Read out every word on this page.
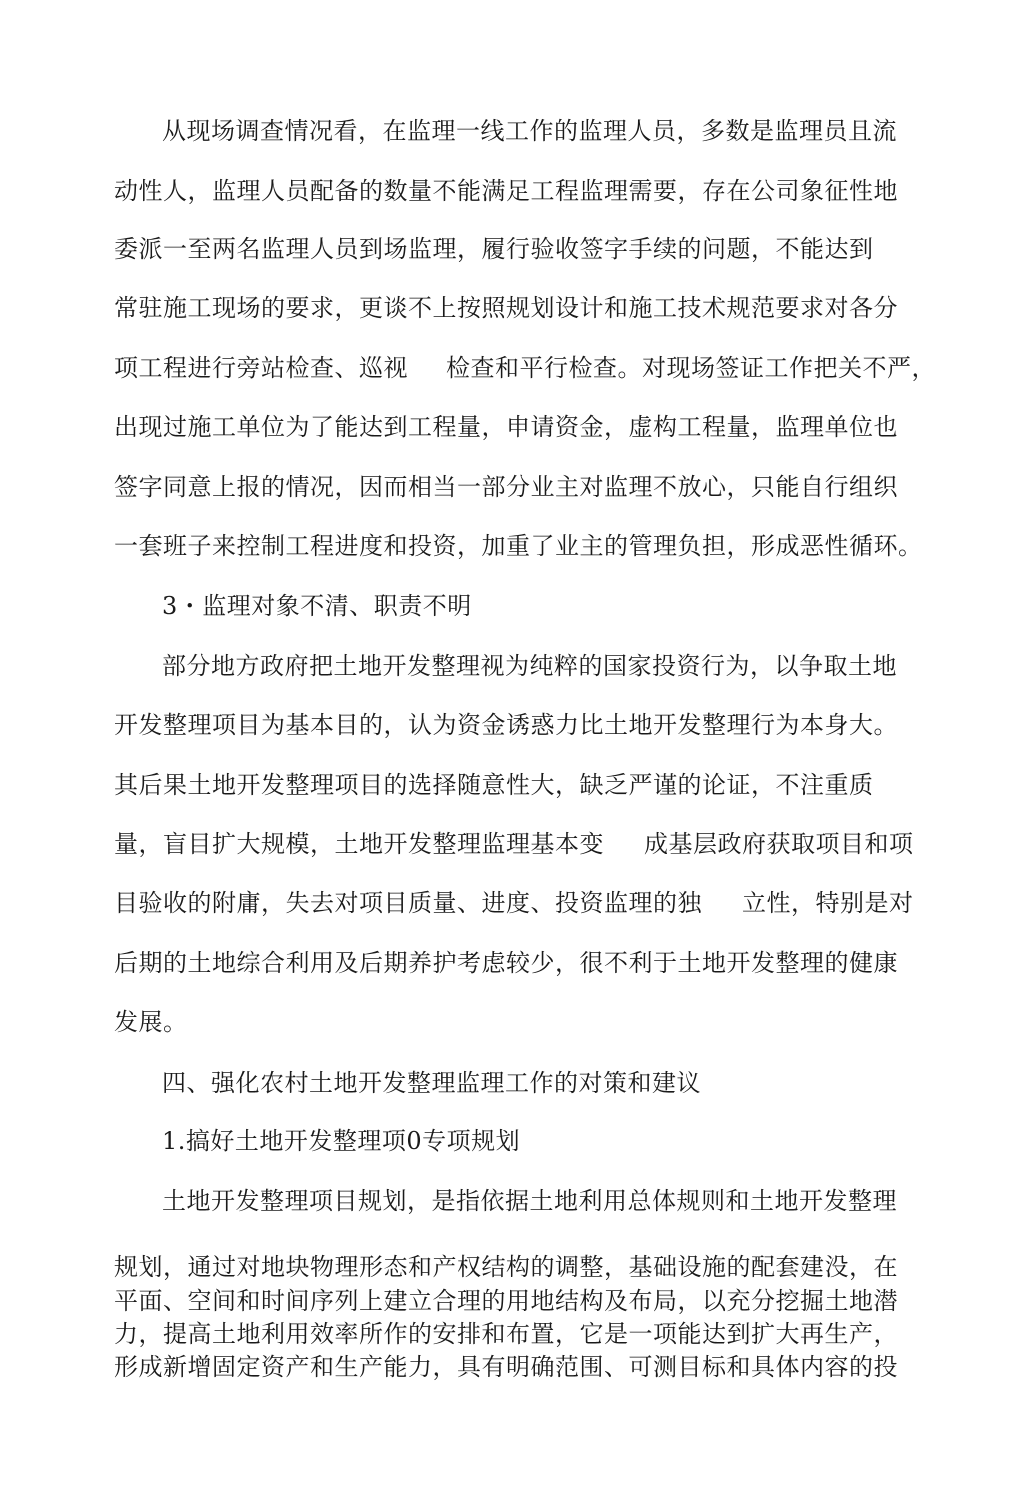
从现场调查情况看，在监理一线工作的监理人员，多数是监理员且流
动性人，监理人员配备的数量不能满足工程监理需要，存在公司象征性地
委派一至两名监理人员到场监理，履行验收签字手续的问题，不能达到
常驻施工现场的要求，更谈不上按照规划设计和施工技术规范要求对各分
项工程进行旁站检查、巡视 检查和平行检查。对现场签证工作把关不严，
出现过施工单位为了能达到工程量，申请资金，虚构工程量，监理单位也
签字同意上报的情况，因而相当一部分业主对监理不放心，只能自行组织
一套班子来控制工程进度和投资，加重了业主的管理负担，形成恶性循环。
3・监理对象不清、职责不明
部分地方政府把土地开发整理视为纯粹的国家投资行为，以争取土地
开发整理项目为基本目的，认为资金诱惑力比土地开发整理行为本身大。
其后果土地开发整理项目的选择随意性大，缺乏严谨的论证，不注重质
量，盲目扩大规模，土地开发整理监理基本变 成基层政府获取项目和项
目验收的附庸，失去对项目质量、进度、投资监理的独 立性，特别是对
后期的土地综合利用及后期养护考虑较少，很不利于土地开发整理的健康
发展。
四、强化农村土地开发整理监理工作的对策和建议
1.搞好土地开发整理项0专项规划
土地开发整理项目规划，是指依据土地利用总体规则和土地开发整理
规划，通过对地块物理形态和产权结构的调整，基础设施的配套建没，在
平面、空间和时间序列上建立合理的用地结构及布局，以充分挖掘土地潜
力，提高土地利用效率所作的安排和布置，它是一项能达到扩大再生产，
形成新增固定资产和生产能力，具有明确范围、可测目标和具体内容的投
